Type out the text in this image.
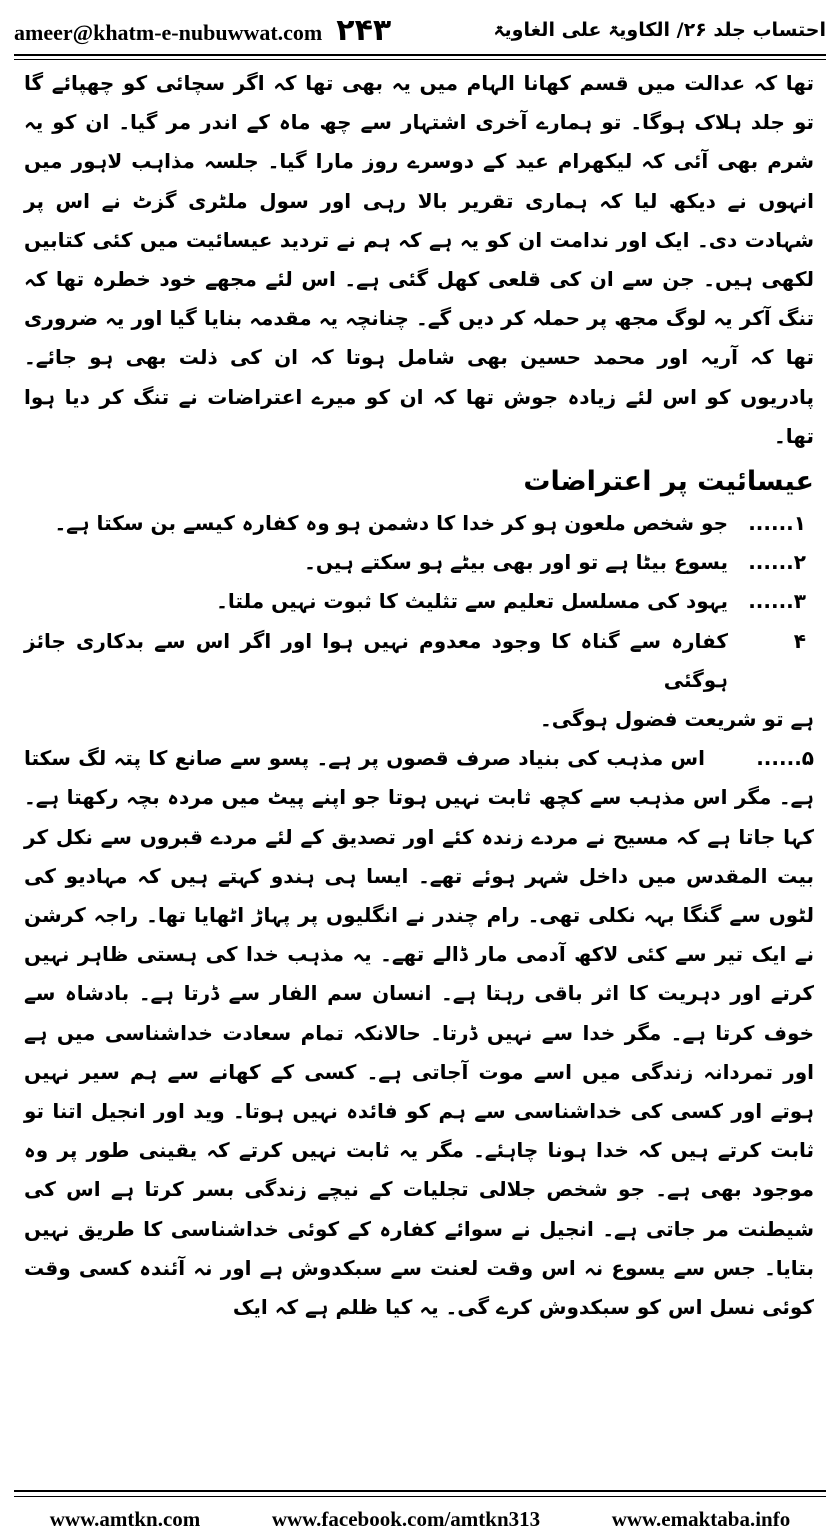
ameer@khatm-e-nubuwwat.com ۲۴۳	احتساب جلد ۲۶/ الکاویۃ علی الغاویۃ

تھا کہ عدالت میں قسم کھانا الہام میں یہ بھی تھا کہ اگر سچائی کو چھپائے گا تو جلد ہلاک ہوگا۔ تو ہمارے آخری اشتہار سے چھ ماہ کے اندر مر گیا۔ ان کو یہ شرم بھی آئی کہ لیکھرام عید کے دوسرے روز مارا گیا۔ جلسہ مذاہب لاہور میں انہوں نے دیکھ لیا کہ ہماری تقریر بالا رہی اور سول ملٹری گزٹ نے اس پر شہادت دی۔ ایک اور ندامت ان کو یہ ہے کہ ہم نے تردید عیسائیت میں کئی کتابیں لکھی ہیں۔ جن سے ان کی قلعی کھل گئی ہے۔ اس لئے مجھے خود خطرہ تھا کہ تنگ آکر یہ لوگ مجھ پر حملہ کر دیں گے۔ چنانچہ یہ مقدمہ بنایا گیا اور یہ ضروری تھا کہ آریہ اور محمد حسین بھی شامل ہوتا کہ ان کی ذلت بھی ہو جائے۔ پادریوں کو اس لئے زیادہ جوش تھا کہ ان کو میرے اعتراضات نے تنگ کر دیا ہوا تھا۔

عیسائیت پر اعتراضات

۱......
جو شخص ملعون ہو کر خدا کا دشمن ہو وہ کفارہ کیسے بن سکتا ہے۔
۲......
یسوع بیٹا ہے تو اور بھی بیٹے ہو سکتے ہیں۔
۳......
یہود کی مسلسل تعلیم سے تثلیث کا ثبوت نہیں ملتا۔
۴
کفارہ سے گناہ کا وجود معدوم نہیں ہوا اور اگر اس سے بدکاری جائز ہوگئی

ہے تو شریعت فضول ہوگی۔

۵......       اس مذہب کی بنیاد صرف قصوں پر ہے۔ پسو سے صانع کا پتہ لگ سکتا ہے۔ مگر اس مذہب سے کچھ ثابت نہیں ہوتا جو اپنے پیٹ میں مردہ بچہ رکھتا ہے۔ کہا جاتا ہے کہ مسیح نے مردے زندہ کئے اور تصدیق کے لئے مردے قبروں سے نکل کر بیت المقدس میں داخل شہر ہوئے تھے۔ ایسا ہی ہندو کہتے ہیں کہ مہادیو کی لٹوں سے گنگا بہہ نکلی تھی۔ رام چندر نے انگلیوں پر پہاڑ اٹھایا تھا۔ راجہ کرشن نے ایک تیر سے کئی لاکھ آدمی مار ڈالے تھے۔ یہ مذہب خدا کی ہستی ظاہر نہیں کرتے اور دہریت کا اثر باقی رہتا ہے۔ انسان سم الفار سے ڈرتا ہے۔ بادشاہ سے خوف کرتا ہے۔ مگر خدا سے نہیں ڈرتا۔ حالانکہ تمام سعادت خداشناسی میں ہے اور تمردانہ زندگی میں اسے موت آجاتی ہے۔ کسی کے کھانے سے ہم سیر نہیں ہوتے اور کسی کی خداشناسی سے ہم کو فائدہ نہیں ہوتا۔ وید اور انجیل اتنا تو ثابت کرتے ہیں کہ خدا ہونا چاہئے۔ مگر یہ ثابت نہیں کرتے کہ یقینی طور پر وہ موجود بھی ہے۔ جو شخص جلالی تجلیات کے نیچے زندگی بسر کرتا ہے اس کی شیطنت مر جاتی ہے۔ انجیل نے سوائے کفارہ کے کوئی خداشناسی کا طریق نہیں بتایا۔ جس سے یسوع نہ اس وقت لعنت سے سبکدوش ہے اور نہ آئندہ کسی وقت کوئی نسل اس کو سبکدوش کرے گی۔ یہ کیا ظلم ہے کہ ایک

www.amtkn.com	www.facebook.com/amtkn313	www.emaktaba.info
